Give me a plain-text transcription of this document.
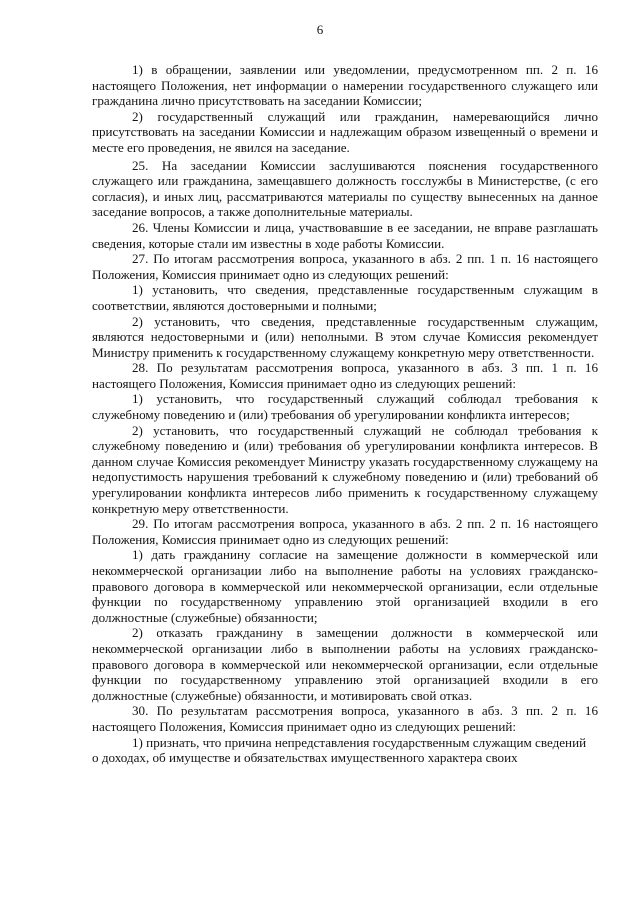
6

1) в обращении, заявлении или уведомлении, предусмотренном пп. 2 п. 16 настоящего Положения, нет информации о намерении государственного служащего или гражданина лично присутствовать на заседании Комиссии;

2) государственный служащий или гражданин, намеревающийся лично присутствовать на заседании Комиссии и надлежащим образом извещенный о времени и месте его проведения, не явился на заседание.

25. На заседании Комиссии заслушиваются пояснения государственного служащего или гражданина, замещавшего должность госслужбы в Министерстве, (с его согласия), и иных лиц, рассматриваются материалы по существу вынесенных на данное заседание вопросов, а также дополнительные материалы.

26. Члены Комиссии и лица, участвовавшие в ее заседании, не вправе разглашать сведения, которые стали им известны в ходе работы Комиссии.

27. По итогам рассмотрения вопроса, указанного в абз. 2 пп. 1 п. 16 настоящего Положения, Комиссия принимает одно из следующих решений:

1) установить, что сведения, представленные государственным служащим в соответствии, являются достоверными и полными;

2) установить, что сведения, представленные государственным служащим, являются недостоверными и (или) неполными. В этом случае Комиссия рекомендует Министру применить к государственному служащему конкретную меру ответственности.

28. По результатам рассмотрения вопроса, указанного в абз. 3 пп. 1 п. 16 настоящего Положения, Комиссия принимает одно из следующих решений:

1) установить, что государственный служащий соблюдал требования к служебному поведению и (или) требования об урегулировании конфликта интересов;

2) установить, что государственный служащий не соблюдал требования к служебному поведению и (или) требования об урегулировании конфликта интересов. В данном случае Комиссия рекомендует Министру указать государственному служащему на недопустимость нарушения требований к служебному поведению и (или) требований об урегулировании конфликта интересов либо применить к государственному служащему конкретную меру ответственности.

29. По итогам рассмотрения вопроса, указанного в абз. 2 пп. 2 п. 16 настоящего Положения, Комиссия принимает одно из следующих решений:

1) дать гражданину согласие на замещение должности в коммерческой или некоммерческой организации либо на выполнение работы на условиях гражданско-правового договора в коммерческой или некоммерческой организации, если отдельные функции по государственному управлению этой организацией входили в его должностные (служебные) обязанности;

2) отказать гражданину в замещении должности в коммерческой или некоммерческой организации либо в выполнении работы на условиях гражданско-правового договора в коммерческой или некоммерческой организации, если отдельные функции по государственному управлению этой организацией входили в его должностные (служебные) обязанности, и мотивировать свой отказ.

30. По результатам рассмотрения вопроса, указанного в абз. 3 пп. 2 п. 16 настоящего Положения, Комиссия принимает одно из следующих решений:

1) признать, что причина непредставления государственным служащим сведений

о доходах, об имуществе и обязательствах имущественного характера своих
